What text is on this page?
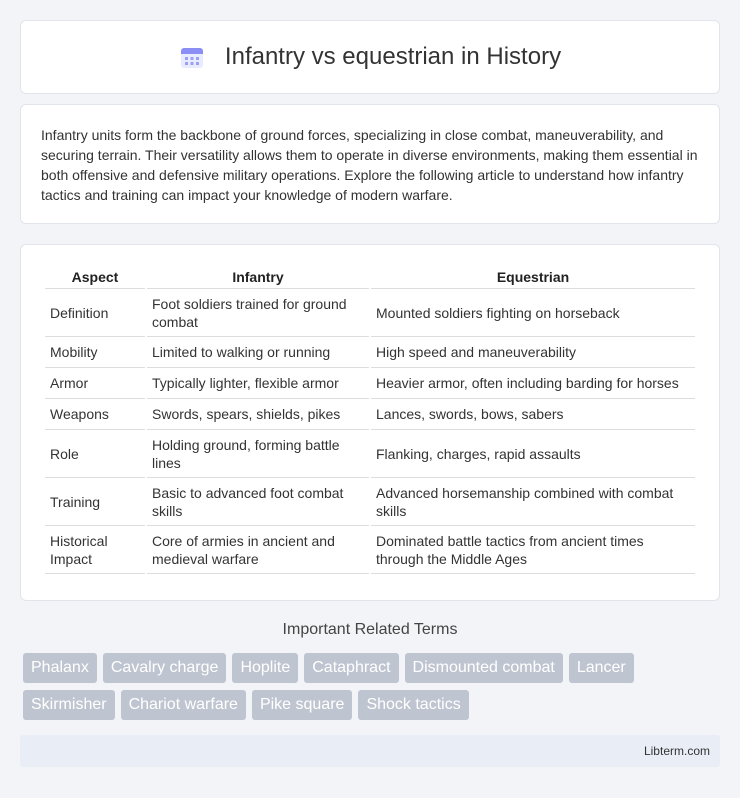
Infantry vs equestrian in History

Infantry units form the backbone of ground forces, specializing in close combat, maneuverability, and securing terrain. Their versatility allows them to operate in diverse environments, making them essential in both offensive and defensive military operations. Explore the following article to understand how infantry tactics and training can impact your knowledge of modern warfare.

Aspect	Infantry	Equestrian
Definition	Foot soldiers trained for ground combat	Mounted soldiers fighting on horseback
Mobility	Limited to walking or running	High speed and maneuverability
Armor	Typically lighter, flexible armor	Heavier armor, often including barding for horses
Weapons	Swords, spears, shields, pikes	Lances, swords, bows, sabers
Role	Holding ground, forming battle lines	Flanking, charges, rapid assaults
Training	Basic to advanced foot combat skills	Advanced horsemanship combined with combat skills
Historical Impact	Core of armies in ancient and medieval warfare	Dominated battle tactics from ancient times through the Middle Ages
Important Related Terms
Phalanx	Cavalry charge	Hoplite	Cataphract	Dismounted combat	Lancer
Skirmisher	Chariot warfare	Pike square	Shock tactics
Libterm.com
